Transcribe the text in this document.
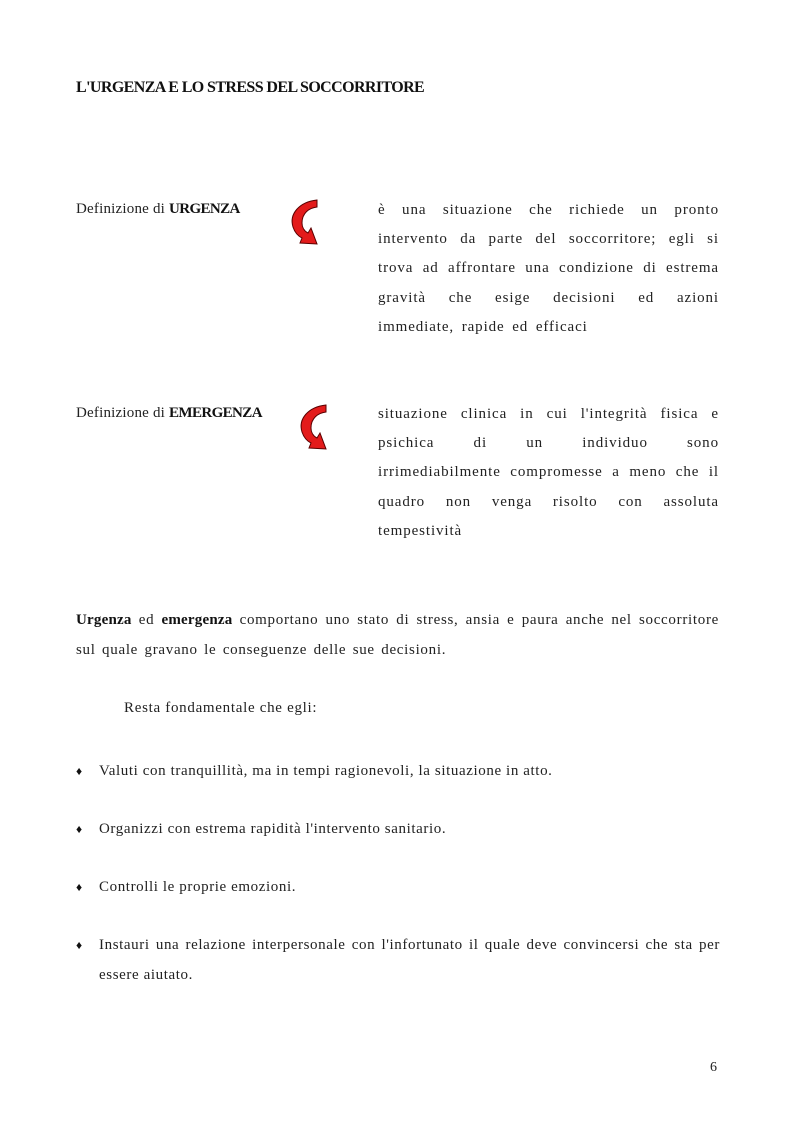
L'URGENZA E LO STRESS DEL SOCCORRITORE
Definizione di URGENZA	è una situazione che richiede un pronto intervento da parte del soccorritore; egli si trova ad affrontare una condizione di estrema gravità che esige decisioni ed azioni immediate, rapide ed efficaci
Definizione di EMERGENZA	situazione clinica in cui l'integrità fisica e psichica di un individuo sono irrimediabilmente compromesse a meno che il quadro non venga risolto con assoluta tempestività
Urgenza ed emergenza comportano uno stato di stress, ansia e paura anche nel soccorritore sul quale gravano le conseguenze delle sue decisioni.
Resta fondamentale che egli:
♦ Valuti con tranquillità, ma in tempi ragionevoli, la situazione in atto.
♦ Organizzi con estrema rapidità l'intervento sanitario.
♦ Controlli le proprie emozioni.
♦ Instauri una relazione interpersonale con l'infortunato il quale deve convincersi che sta per essere aiutato.
6
